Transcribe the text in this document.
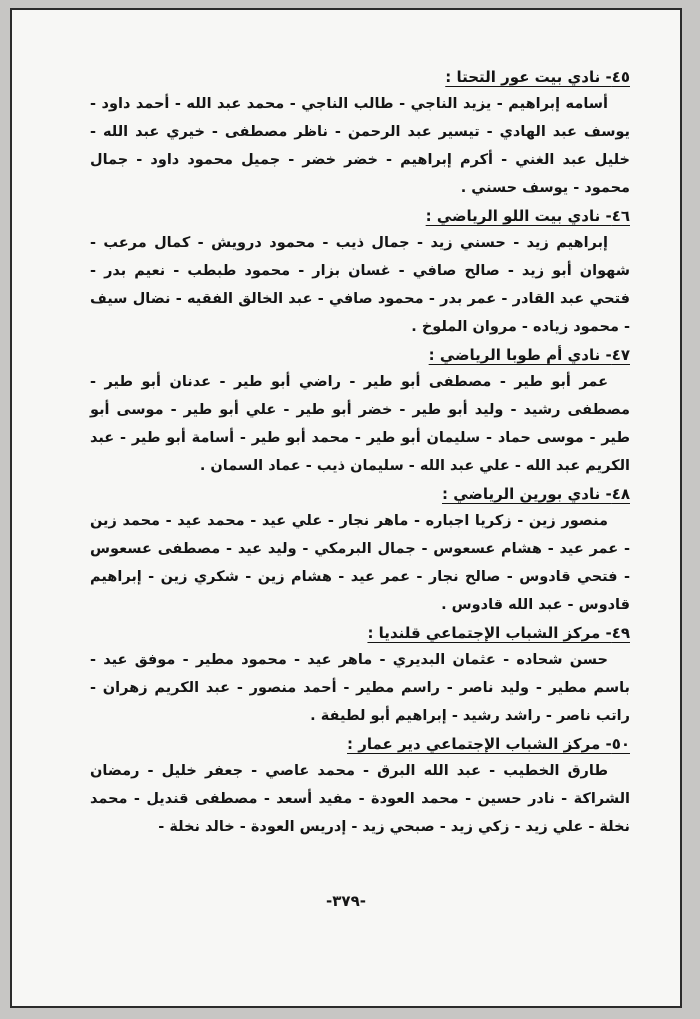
٤٥- نادي بيت عور التحتا :

أسامه إبراهيم - يزيد الناجي - طالب الناجي - محمد عبد الله - أحمد داود - يوسف عبد الهادي - تيسير عبد الرحمن - ناظر مصطفى - خيري عبد الله - خليل عبد الغني - أكرم إبراهيم - خضر خضر - جميل محمود داود - جمال محمود - يوسف حسني .

٤٦- نادي بيت اللو الرياضي :

إبراهيم زيد - حسني زيد - جمال ذيب - محمود درويش - كمال مرعب - شهوان أبو زيد - صالح صافي - غسان بزار - محمود طبطب - نعيم بدر - فتحي عبد القادر - عمر بدر - محمود صافي - عبد الخالق الفقيه - نضال سيف - محمود زياده - مروان الملوخ .

٤٧- نادي أم طوبا الرياضي :

عمر أبو طير - مصطفى أبو طير - راضي أبو طير - عدنان أبو طير - مصطفى رشيد - وليد أبو طير - خضر أبو طير - علي أبو طير - موسى أبو طير - موسى حماد - سليمان أبو طير - محمد أبو طير - أسامة أبو طير - عبد الكريم عبد الله - علي عبد الله - سليمان ذيب - عماد السمان .

٤٨- نادي بورين الرياضي :

منصور زين - زكريا اجباره - ماهر نجار - علي عيد - محمد عيد - محمد زين - عمر عيد - هشام عسعوس - جمال البرمكي - وليد عيد - مصطفى عسعوس - فتحي قادوس - صالح نجار - عمر عيد - هشام زين - شكري زين - إبراهيم قادوس - عبد الله قادوس .

٤٩- مركز الشباب الإجتماعي قلنديا :

حسن شحاده - عثمان البديري - ماهر عيد - محمود مطير - موفق عيد - باسم مطير - وليد ناصر - راسم مطير - أحمد منصور - عبد الكريم زهران - راتب ناصر - راشد رشيد - إبراهيم أبو لطيفة .

٥٠- مركز الشباب الإجتماعي دير عمار :

طارق الخطيب - عبد الله البرق - محمد عاصي - جعفر خليل - رمضان الشراكة - نادر حسين - محمد العودة - مفيد أسعد - مصطفى قنديل - محمد نخلة - علي زيد - زكي زيد - صبحي زيد - إدريس العودة - خالد نخلة -

-٣٧٩-
